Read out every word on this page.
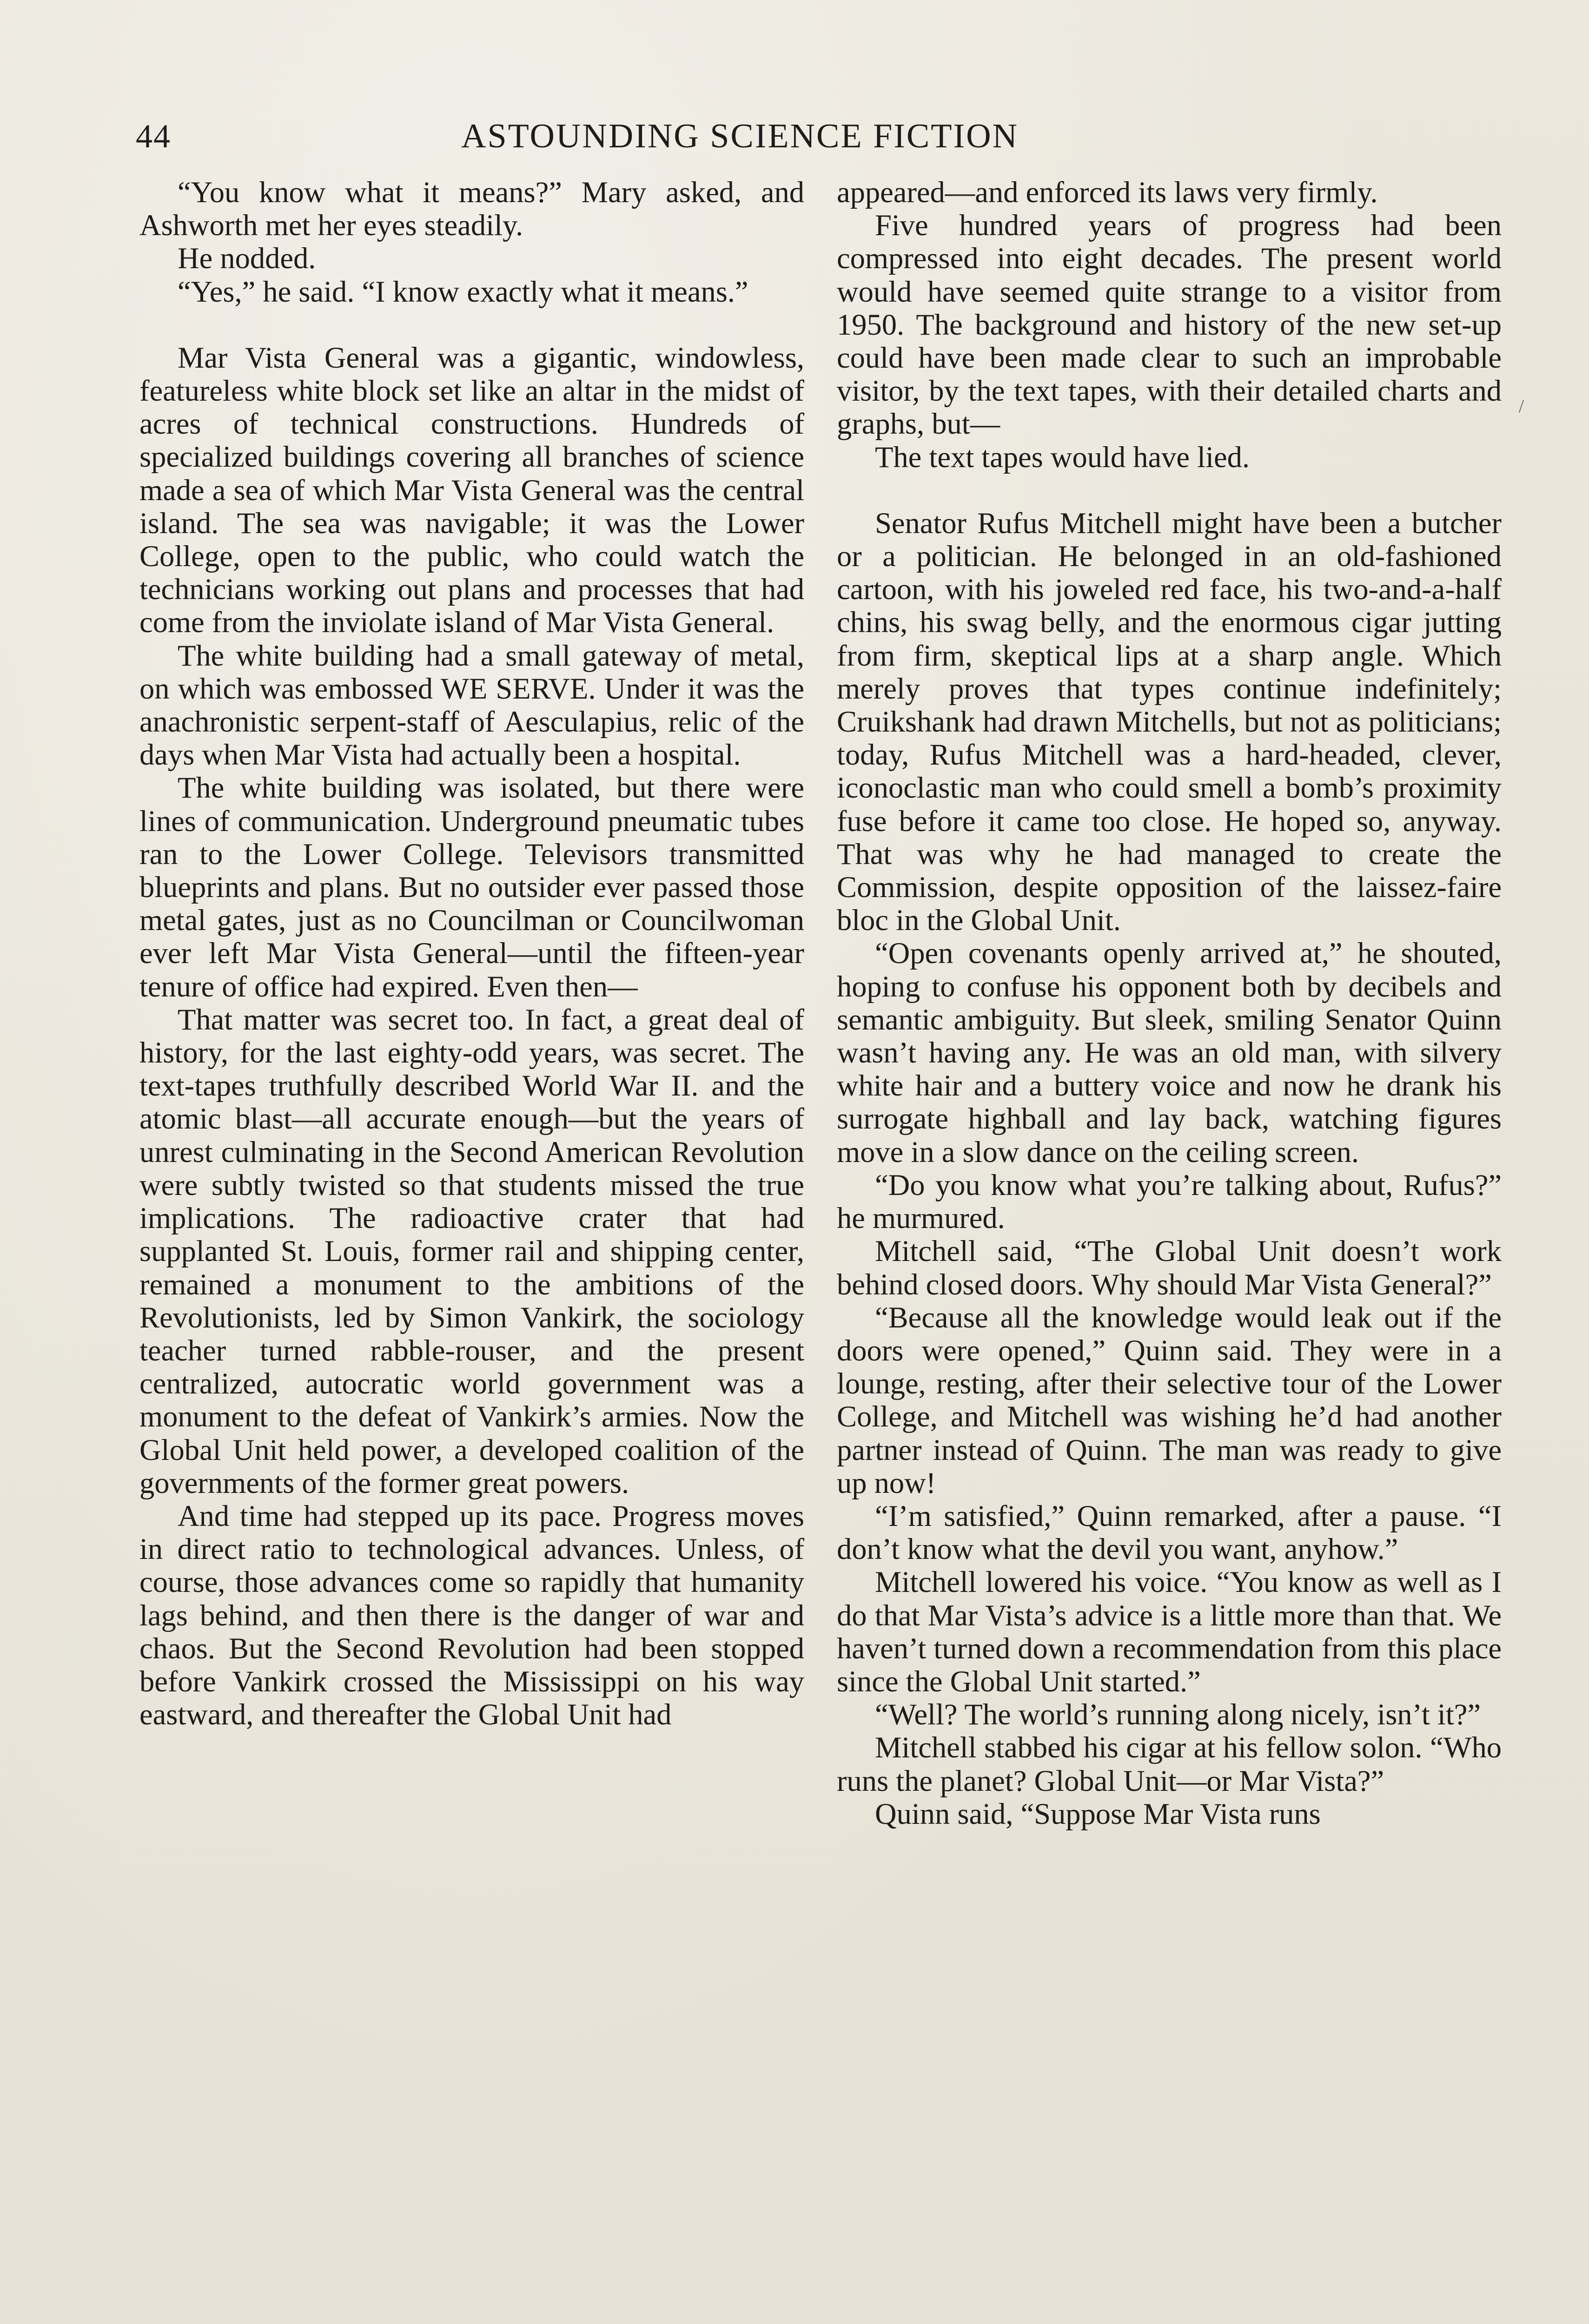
44	ASTOUNDING SCIENCE FICTION

“You know what it means?” Mary asked, and Ashworth met her eyes steadily.

He nodded.

“Yes,” he said. “I know exactly what it means.”

Mar Vista General was a gigantic, windowless, featureless white block set like an altar in the midst of acres of technical constructions. Hundreds of specialized buildings covering all branches of science made a sea of which Mar Vista General was the central island. The sea was navigable; it was the Lower College, open to the public, who could watch the technicians working out plans and processes that had come from the inviolate island of Mar Vista General.

The white building had a small gateway of metal, on which was embossed WE SERVE. Under it was the anachronistic serpent-staff of Aesculapius, relic of the days when Mar Vista had actually been a hospital.

The white building was isolated, but there were lines of communication. Underground pneumatic tubes ran to the Lower College. Televisors transmitted blueprints and plans. But no outsider ever passed those metal gates, just as no Councilman or Councilwoman ever left Mar Vista General—until the fifteen-year tenure of office had expired. Even then—

That matter was secret too. In fact, a great deal of history, for the last eighty-odd years, was secret. The text-tapes truthfully described World War II. and the atomic blast—all accurate enough—but the years of unrest culminating in the Second American Revolution were subtly twisted so that students missed the true implications. The radioactive crater that had supplanted St. Louis, former rail and shipping center, remained a monument to the ambitions of the Revolutionists, led by Simon Vankirk, the sociology teacher turned rabble-rouser, and the present centralized, autocratic world government was a monument to the defeat of Vankirk’s armies. Now the Global Unit held power, a developed coalition of the governments of the former great powers.

And time had stepped up its pace. Progress moves in direct ratio to technological advances. Unless, of course, those advances come so rapidly that humanity lags behind, and then there is the danger of war and chaos. But the Second Revolution had been stopped before Vankirk crossed the Mississippi on his way eastward, and thereafter the Global Unit had

appeared—and enforced its laws very firmly.

Five hundred years of progress had been compressed into eight decades. The present world would have seemed quite strange to a visitor from 1950. The background and history of the new set-up could have been made clear to such an improbable visitor, by the text tapes, with their detailed charts and graphs, but—

The text tapes would have lied.

Senator Rufus Mitchell might have been a butcher or a politician. He belonged in an old-fashioned cartoon, with his joweled red face, his two-and-a-half chins, his swag belly, and the enormous cigar jutting from firm, skeptical lips at a sharp angle. Which merely proves that types continue indefinitely; Cruikshank had drawn Mitchells, but not as politicians; today, Rufus Mitchell was a hard-headed, clever, iconoclastic man who could smell a bomb’s proximity fuse before it came too close. He hoped so, anyway. That was why he had managed to create the Commission, despite opposition of the laissez-faire bloc in the Global Unit.

“Open covenants openly arrived at,” he shouted, hoping to confuse his opponent both by decibels and semantic ambiguity. But sleek, smiling Senator Quinn wasn’t having any. He was an old man, with silvery white hair and a buttery voice and now he drank his surrogate highball and lay back, watching figures move in a slow dance on the ceiling screen.

“Do you know what you’re talking about, Rufus?” he murmured.

Mitchell said, “The Global Unit doesn’t work behind closed doors. Why should Mar Vista General?”

“Because all the knowledge would leak out if the doors were opened,” Quinn said. They were in a lounge, resting, after their selective tour of the Lower College, and Mitchell was wishing he’d had another partner instead of Quinn. The man was ready to give up now!

“I’m satisfied,” Quinn remarked, after a pause. “I don’t know what the devil you want, anyhow.”

Mitchell lowered his voice. “You know as well as I do that Mar Vista’s advice is a little more than that. We haven’t turned down a recommendation from this place since the Global Unit started.”

“Well? The world’s running along nicely, isn’t it?”

Mitchell stabbed his cigar at his fellow solon. “Who runs the planet? Global Unit—or Mar Vista?”

Quinn said, “Suppose Mar Vista runs

/
